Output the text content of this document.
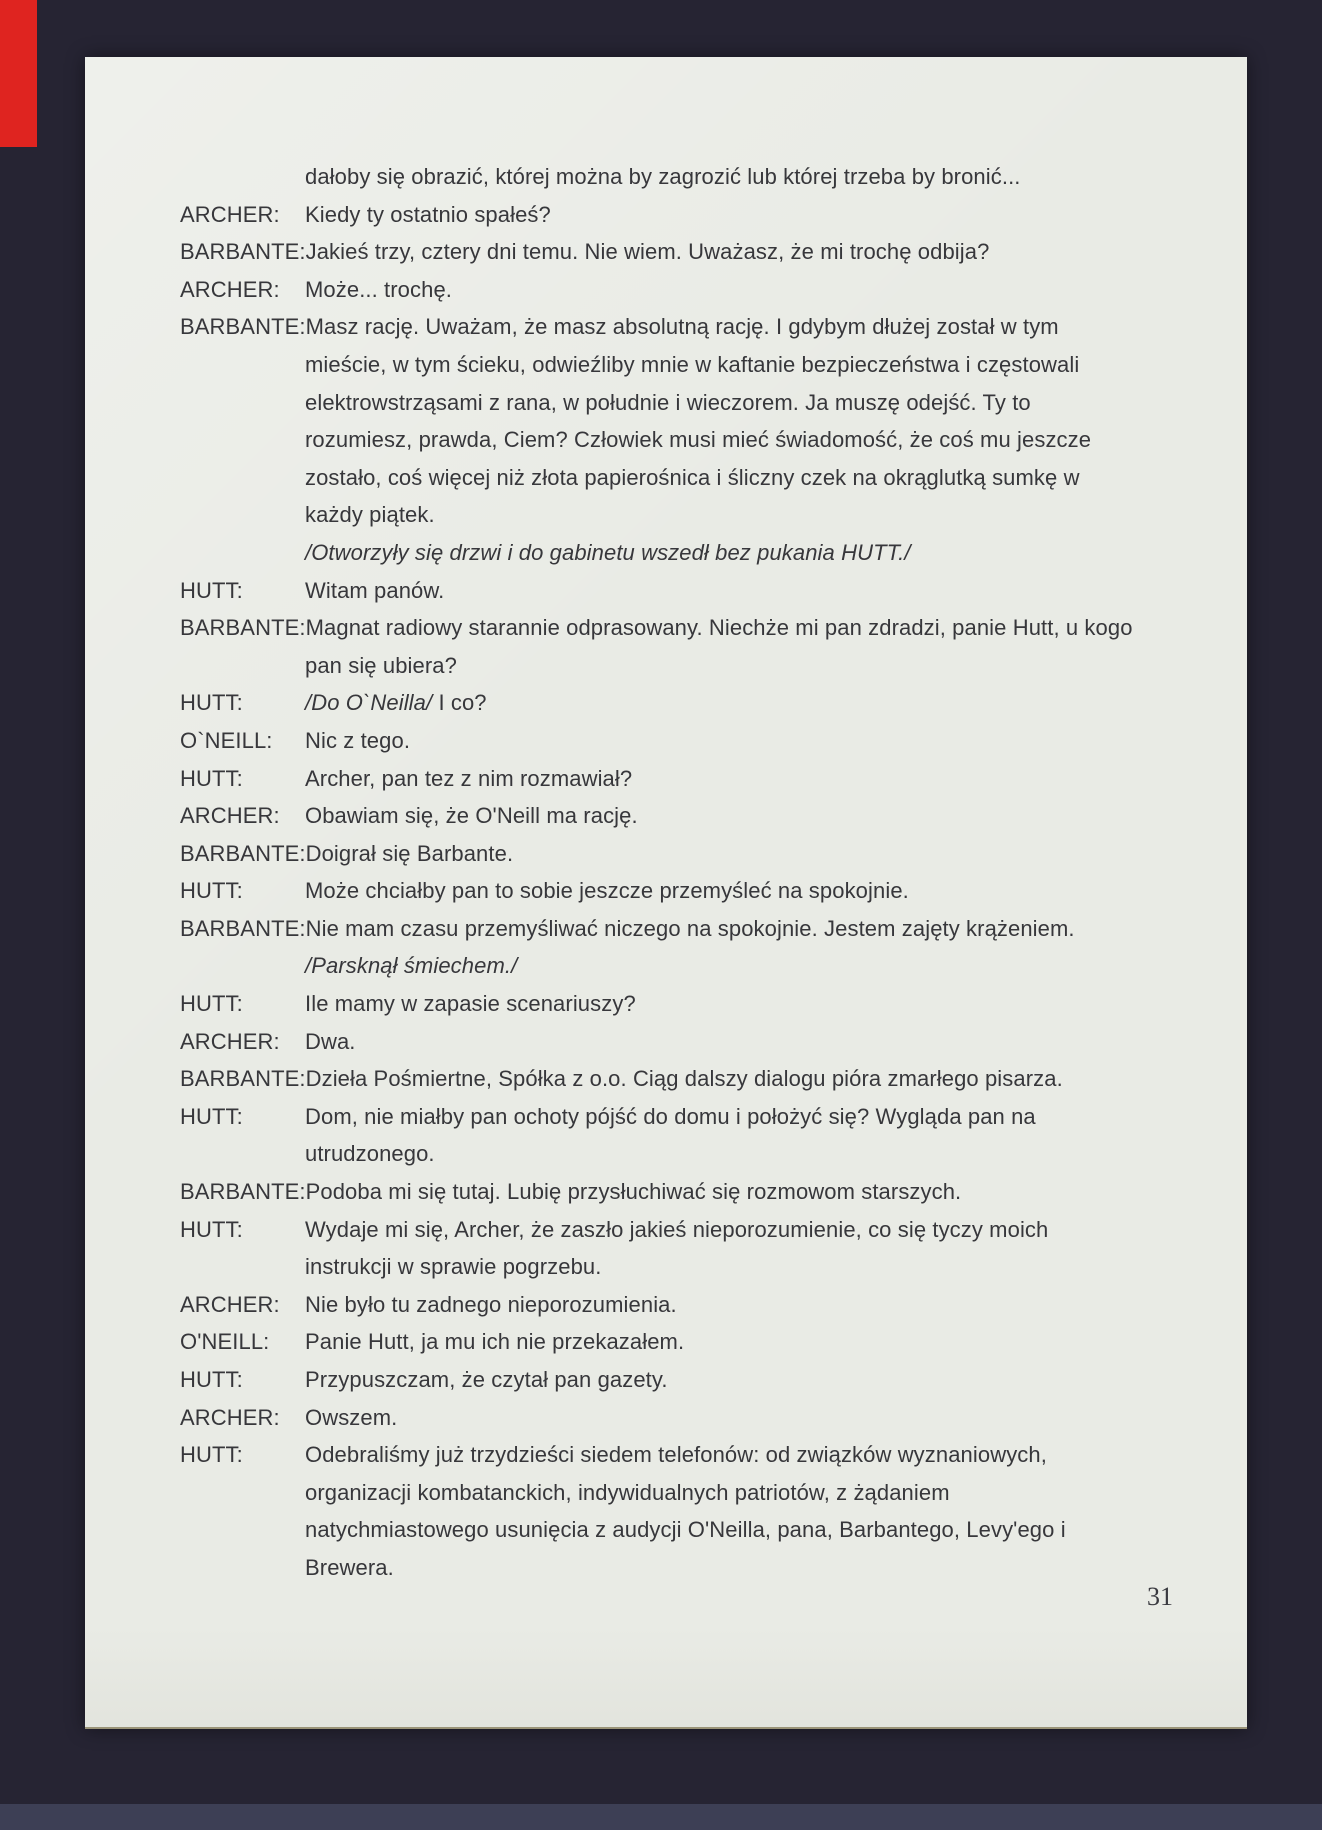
dałoby się obrazić, której można by zagrozić lub której trzeba by bronić...
ARCHER:	Kiedy ty ostatnio spałeś?
BARBANTE: Jakieś trzy, cztery dni temu. Nie wiem. Uważasz, że mi trochę odbija?
ARCHER:	Może... trochę.
BARBANTE: Masz rację. Uważam, że masz absolutną rację. I gdybym dłużej został w tym
mieście, w tym ścieku, odwieźliby mnie w kaftanie bezpieczeństwa i częstowali
elektrowstrząsami z rana, w południe i wieczorem. Ja muszę odejść. Ty to
rozumiesz, prawda, Ciem? Człowiek musi mieć świadomość, że coś mu jeszcze
zostało, coś więcej niż złota papierośnica i śliczny czek na okrąglutką sumkę w
każdy piątek.
/Otworzyły się drzwi i do gabinetu wszedł bez pukania HUTT./
HUTT:	Witam panów.
BARBANTE: Magnat radiowy starannie odprasowany. Niechże mi pan zdradzi, panie Hutt, u kogo
pan się ubiera?
HUTT:	/Do O`Neilla/ I co?
O`NEILL:	Nic z tego.
HUTT:	Archer, pan tez z nim rozmawiał?
ARCHER:	Obawiam się, że O'Neill ma rację.
BARBANTE: Doigrał się Barbante.
HUTT:	Może chciałby pan to sobie jeszcze przemyśleć na spokojnie.
BARBANTE: Nie mam czasu przemyśliwać niczego na spokojnie. Jestem zajęty krążeniem.
/Parsknął śmiechem./
HUTT:	Ile mamy w zapasie scenariuszy?
ARCHER:	Dwa.
BARBANTE: Dzieła Pośmiertne, Spółka z o.o. Ciąg dalszy dialogu pióra zmarłego pisarza.
HUTT:	Dom, nie miałby pan ochoty pójść do domu i położyć się? Wygląda pan na
utrudzonego.
BARBANTE: Podoba mi się tutaj. Lubię przysłuchiwać się rozmowom starszych.
HUTT:	Wydaje mi się, Archer, że zaszło jakieś nieporozumienie, co się tyczy moich
instrukcji w sprawie pogrzebu.
ARCHER:	Nie było tu zadnego nieporozumienia.
O'NEILL:	Panie Hutt, ja mu ich nie przekazałem.
HUTT:	Przypuszczam, że czytał pan gazety.
ARCHER:	Owszem.
HUTT:	Odebraliśmy już trzydzieści siedem telefonów: od związków wyznaniowych,
organizacji kombatanckich, indywidualnych patriotów, z żądaniem
natychmiastowego usunięcia z audycji O'Neilla, pana, Barbantego, Levy'ego i
Brewera.
31
